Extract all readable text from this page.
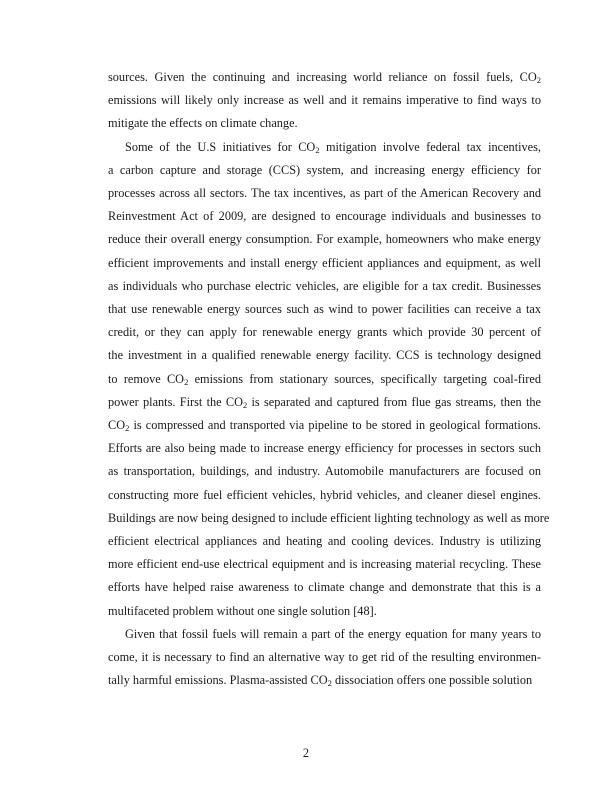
sources. Given the continuing and increasing world reliance on fossil fuels, $CO_2$
emissions will likely only increase as well and it remains imperative to find ways to
mitigate the effects on climate change.
Some of the U.S initiatives for $CO_2$ mitigation involve federal tax incentives,
a carbon capture and storage (CCS) system, and increasing energy efficiency for
processes across all sectors. The tax incentives, as part of the American Recovery and
Reinvestment Act of 2009, are designed to encourage individuals and businesses to
reduce their overall energy consumption. For example, homeowners who make energy
efficient improvements and install energy efficient appliances and equipment, as well
as individuals who purchase electric vehicles, are eligible for a tax credit. Businesses
that use renewable energy sources such as wind to power facilities can receive a tax
credit, or they can apply for renewable energy grants which provide 30 percent of
the investment in a qualified renewable energy facility. CCS is technology designed
to remove $CO_2$ emissions from stationary sources, specifically targeting coal-fired
power plants. First the $CO_2$ is separated and captured from flue gas streams, then the
$CO_2$ is compressed and transported via pipeline to be stored in geological formations.
Efforts are also being made to increase energy efficiency for processes in sectors such
as transportation, buildings, and industry. Automobile manufacturers are focused on
constructing more fuel efficient vehicles, hybrid vehicles, and cleaner diesel engines.
Buildings are now being designed to include efficient lighting technology as well as more
efficient electrical appliances and heating and cooling devices. Industry is utilizing
more efficient end-use electrical equipment and is increasing material recycling. These
efforts have helped raise awareness to climate change and demonstrate that this is a
multifaceted problem without one single solution [48].
Given that fossil fuels will remain a part of the energy equation for many years to
come, it is necessary to find an alternative way to get rid of the resulting environmen-
tally harmful emissions. Plasma-assisted $CO_2$ dissociation offers one possible solution
2
